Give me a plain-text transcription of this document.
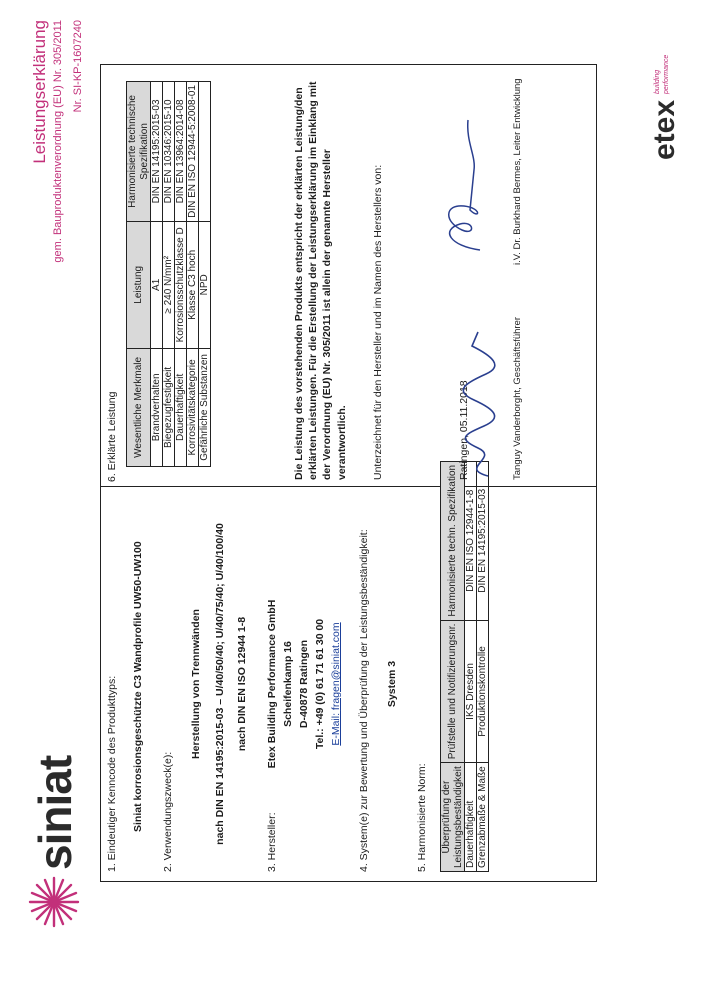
siniat
Leistungserklärung gem. Bauproduktenverordnung (EU) Nr. 305/2011 Nr. SI-KP-1607240
1. Eindeutiger Kenncode des Produkttyps: Siniat korrosionsgeschützte C3 Wandprofile UW50-UW100 2. Verwendungszweck(e):
Herstellung von Trennwänden nach DIN EN 14195:2015-03 – U/40/50/40; U/40/75/40; U/40/100/40 nach DIN EN ISO 12944 1-8
3. Hersteller:
Etex Building Performance GmbH Scheifenkamp 16 D-40878 Ratingen Tel.: +49 (0) 61 71 61 30 00 E-Mail: fragen@siniat.com 4. System(e) zur Bewertung und Überprüfung der Leistungsbeständigkeit: System 3
5. Harmonisierte Norm: Überprüfung der Leistungsbeständigkeit	Prüfstelle und Notifizierungsnr.	Harmonisierte techn. Spezifikation
Dauerhaftigkeit	IKS Dresden	DIN EN ISO 12944-1-8
Grenzabmaße & Maße	Produktionskontrolle	DIN EN 14195:2015-03
6. Erklärte Leistung Wesentliche Merkmale	Leistung	Harmonisierte technische Spezifikation
Brandverhalten	A1	DIN EN 14195:2015-03
Biegezugfestigkeit	≥ 240 N/mm²	DIN EN 10346:2015-10
Dauerhaftigkeit	Korrosionsschutzklasse D	DIN EN 13964:2014-08
Korrosivitätskategorie	Klasse C3 hoch	DIN EN ISO 12944-5:2008-01
Gefährliche Substanzen	NPD		Die Leistung des vorstehenden Produkts entspricht der erklärten Leistung/den erklärten Leistungen. Für die Erstellung der Leistungserklärung im Einklang mit der Verordnung (EU) Nr. 305/2011 ist allein der genannte Hersteller verantwortlich. Unterzeichnet für den Hersteller und im Namen des Herstellers von:	Ratingen, 05.11.2018	Tanguy Vanderborght, Geschäftsführer
i.V. Dr. Burkhard Bermes, Leiter Entwicklung	etex
building performance
